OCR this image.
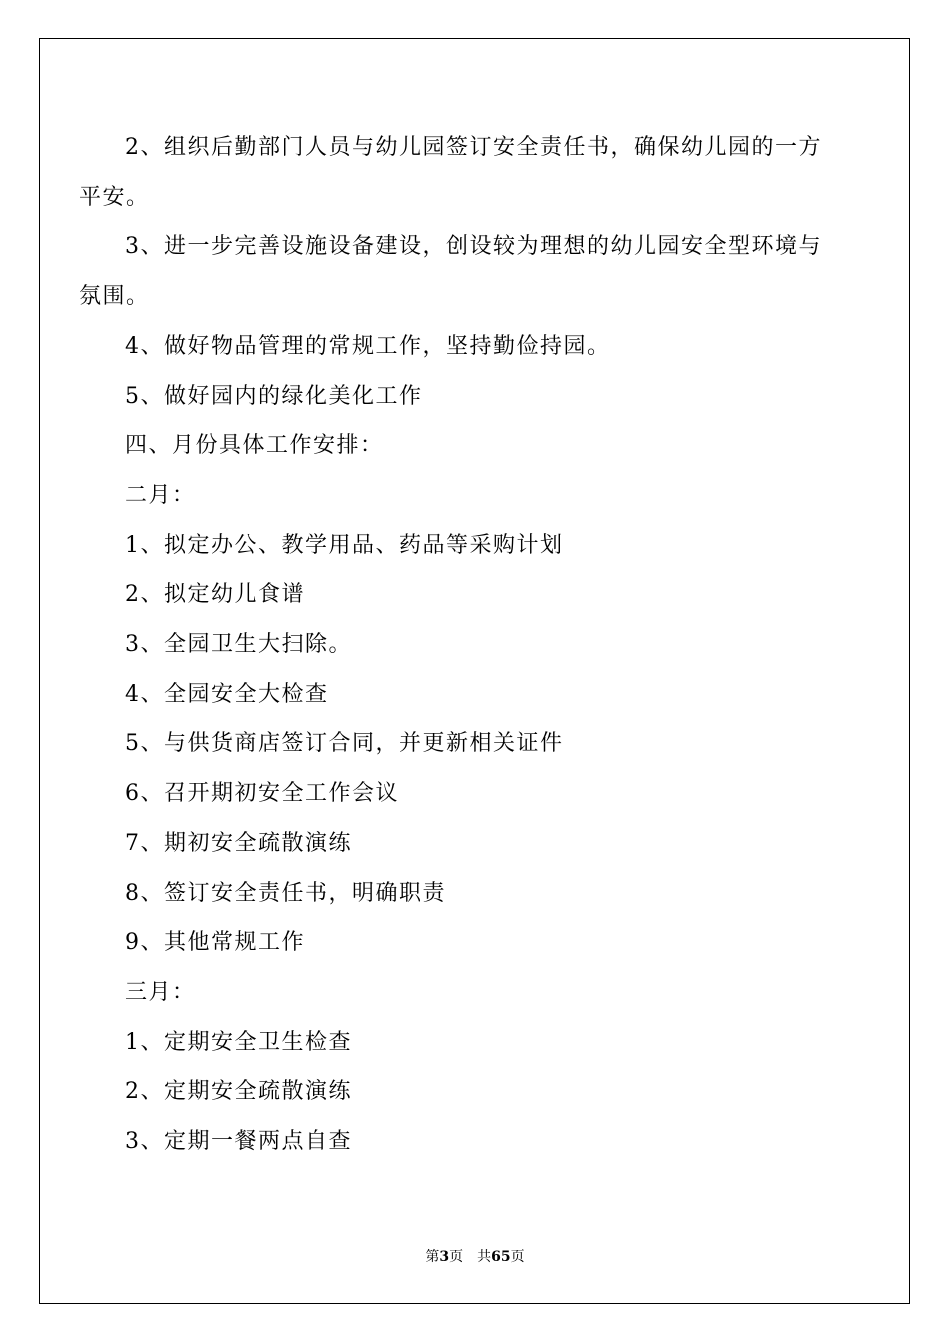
2、组织后勤部门人员与幼儿园签订安全责任书，确保幼儿园的一方平安。

3、进一步完善设施设备建设，创设较为理想的幼儿园安全型环境与氛围。

4、做好物品管理的常规工作，坚持勤俭持园。

5、做好园内的绿化美化工作

四、月份具体工作安排：

二月：

1、拟定办公、教学用品、药品等采购计划

2、拟定幼儿食谱

3、全园卫生大扫除。

4、全园安全大检查

5、与供货商店签订合同，并更新相关证件

6、召开期初安全工作会议

7、期初安全疏散演练

8、签订安全责任书，明确职责

9、其他常规工作

三月：

1、定期安全卫生检查

2、定期安全疏散演练

3、定期一餐两点自查

第3页 共65页
